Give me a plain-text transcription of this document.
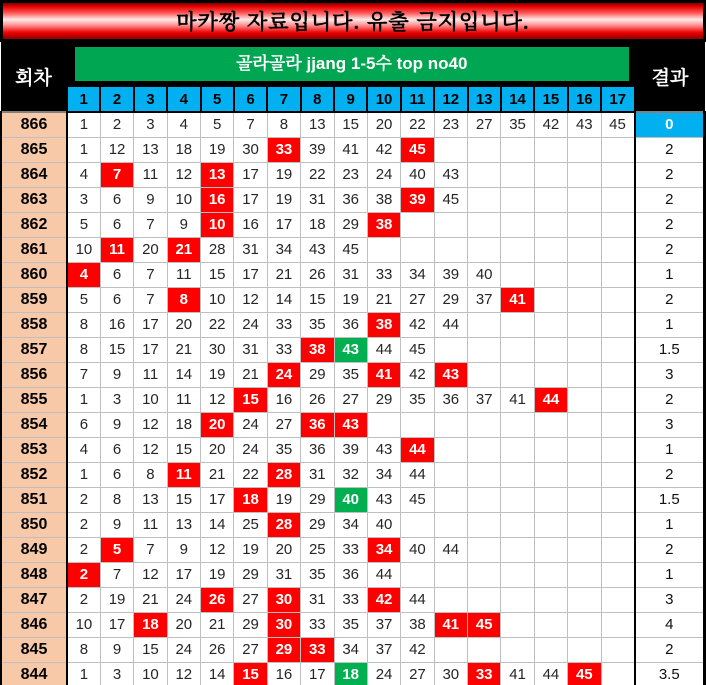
마카짱 자료입니다. 유출 금지입니다.
회차	골라골라 jjang 1-5수 top no40																	결과
	1	2	3	4	5	6	7	8	9	10	11	12	13	14	15	16	17	
866	1	2	3	4	5	7	8	13	15	20	22	23	27	35	42	43	45	0
865	1	12	13	18	19	30	33	39	41	42	45							2
864	4	7	11	12	13	17	19	22	23	24	40	43						2
863	3	6	9	10	16	17	19	31	36	38	39	45						2
862	5	6	7	9	10	16	17	18	29	38								2
861	10	11	20	21	28	31	34	43	45									2
860	4	6	7	11	15	17	21	26	31	33	34	39	40					1
859	5	6	7	8	10	12	14	15	19	21	27	29	37	41				2
858	8	16	17	20	22	24	33	35	36	38	42	44						1
857	8	15	17	21	30	31	33	38	43	44	45							1.5
856	7	9	11	14	19	21	24	29	35	41	42	43						3
855	1	3	10	11	12	15	16	26	27	29	35	36	37	41	44			2
854	6	9	12	18	20	24	27	36	43									3
853	4	6	12	15	20	24	35	36	39	43	44							1
852	1	6	8	11	21	22	28	31	32	34	44							2
851	2	8	13	15	17	18	19	29	40	43	45							1.5
850	2	9	11	13	14	25	28	29	34	40								1
849	2	5	7	9	12	19	20	25	33	34	40	44						2
848	2	7	12	17	19	29	31	35	36	44								1
847	2	19	21	24	26	27	30	31	33	42	44							3
846	10	17	18	20	21	29	30	33	35	37	38	41	45					4
845	8	9	15	24	26	27	29	33	34	37	42							2
844	1	3	10	12	14	15	16	17	18	24	27	30	33	41	44	45		3.5
